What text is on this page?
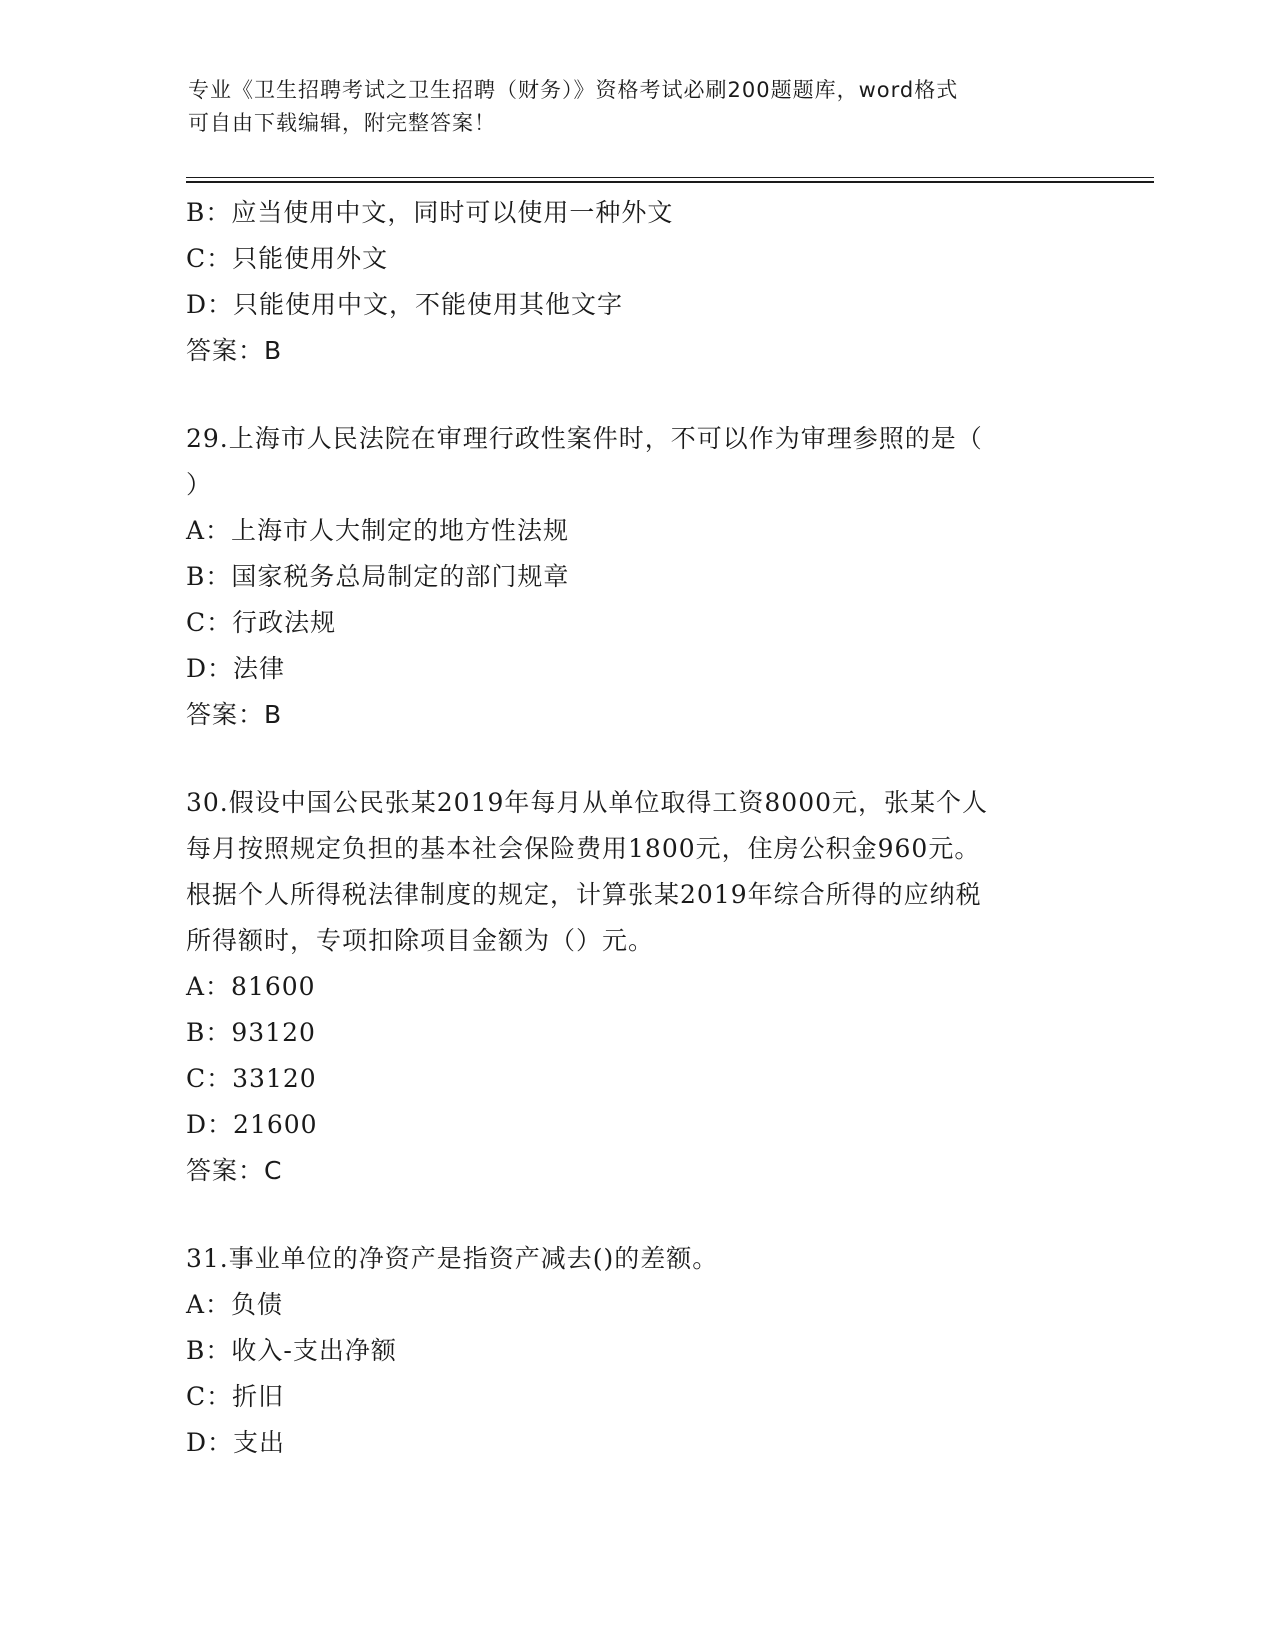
专业《卫生招聘考试之卫生招聘（财务）》资格考试必刷200题题库，word格式
可自由下载编辑，附完整答案！
B：应当使用中文，同时可以使用一种外文
C：只能使用外文
D：只能使用中文，不能使用其他文字
答案：B
29.上海市人民法院在审理行政性案件时，不可以作为审理参照的是（
）
A：上海市人大制定的地方性法规
B：国家税务总局制定的部门规章
C：行政法规
D：法律
答案：B
30.假设中国公民张某2019年每月从单位取得工资8000元，张某个人
每月按照规定负担的基本社会保险费用1800元，住房公积金960元。
根据个人所得税法律制度的规定，计算张某2019年综合所得的应纳税
所得额时，专项扣除项目金额为（）元。
A：81600
B：93120
C：33120
D：21600
答案：C
31.事业单位的净资产是指资产减去()的差额。
A：负债
B：收入-支出净额
C：折旧
D：支出
